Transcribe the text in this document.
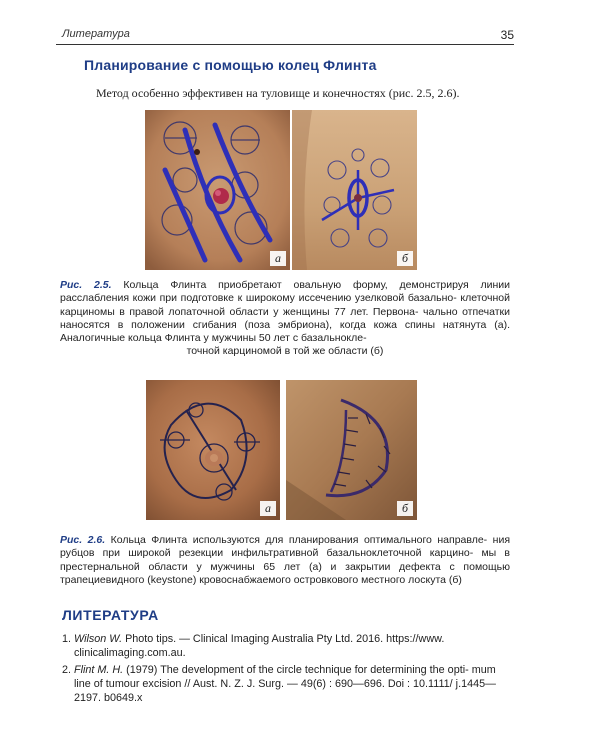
Литература	35
Планирование с помощью колец Флинта
Метод особенно эффективен на туловище и конечностях (рис. 2.5, 2.6).
а	б
Рис. 2.5. Кольца Флинта приобретают овальную форму, демонстрируя линии расслабления кожи при подготовке к широкому иссечению узелковой базально- клеточной карциномы в правой лопаточной области у женщины 77 лет. Первона- чально отпечатки наносятся в положении сгибания (поза эмбриона), когда кожа спины натянута (а). Аналогичные кольца Флинта у мужчины 50 лет с базальнокле-
точной карциномой в той же области (б)
а	б
Рис. 2.6. Кольца Флинта используются для планирования оптимального направле- ния рубцов при широкой резекции инфильтративной базальноклеточной карцино- мы в престернальной области у мужчины 65 лет (а) и закрытии дефекта с помощью трапециевидного (keystone) кровоснабжаемого островкового местного лоскута (б)
ЛИТЕРАТУРА
1. Wilson W. Photo tips. — Clinical Imaging Australia Pty Ltd. 2016. https://www. clinicalimaging.com.au.
2. Flint M. H. (1979) The development of the circle technique for determining the opti- mum line of tumour excision // Aust. N. Z. J. Surg. — 49(6) : 690—696. Doi : 10.1111/ j.1445—2197. b0649.x
